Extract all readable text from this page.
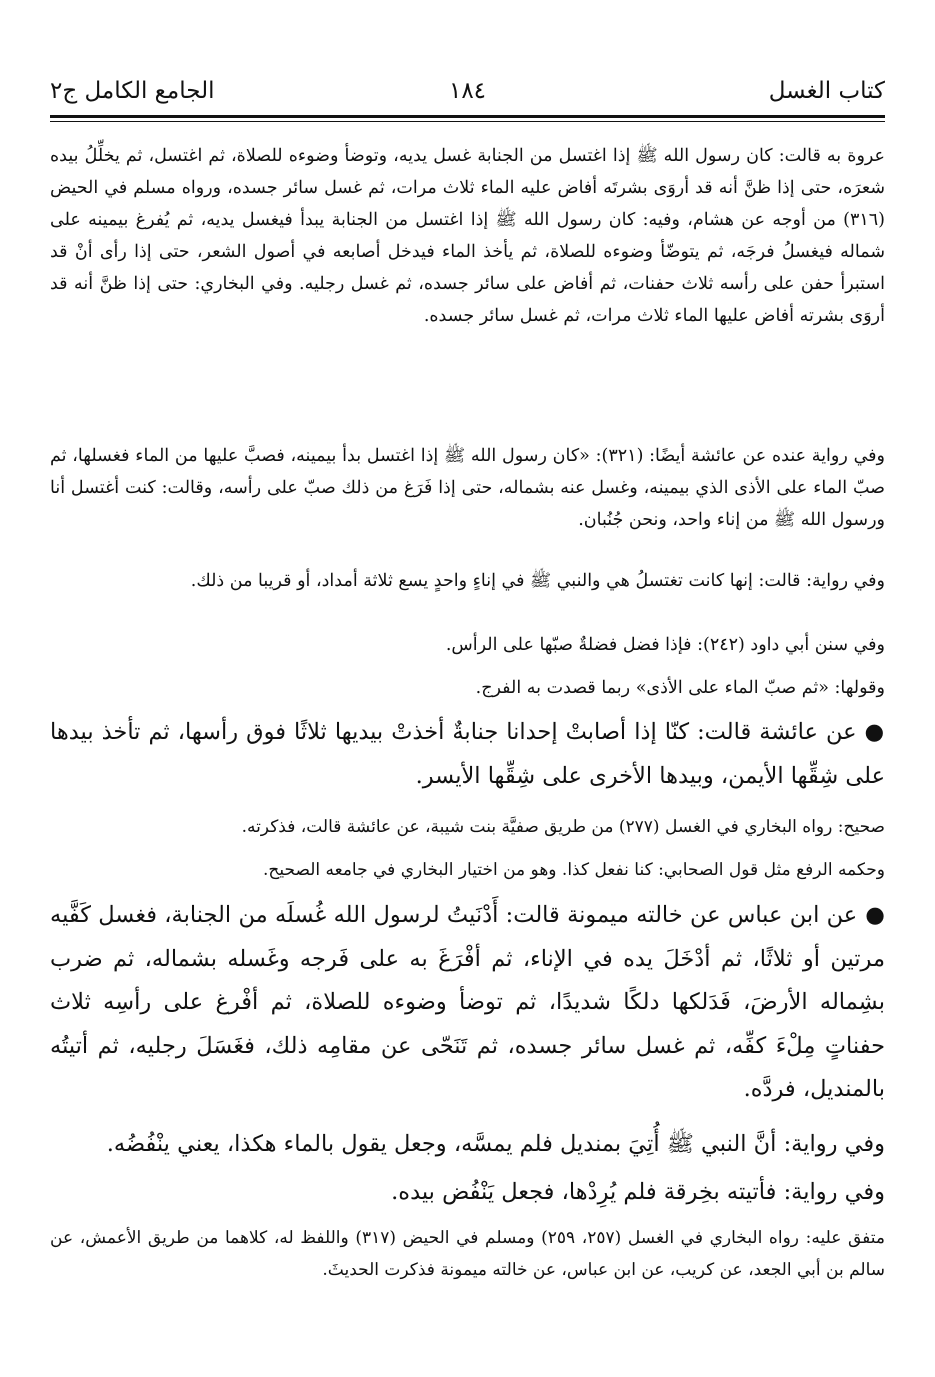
كتاب الغسل
١٨٤
الجامع الكامل ج٢
عروة به قالت: كان رسول الله ﷺ إذا اغتسل من الجنابة غسل يديه، وتوضأ وضوءه للصلاة، ثم اغتسل، ثم يخلِّلُ بيده شعرَه، حتى إذا ظنَّ أنه قد أروَى بشرتَه أفاض عليه الماء ثلاث مرات، ثم غسل سائر جسده، ورواه مسلم في الحيض (٣١٦) من أوجه عن هشام، وفيه: كان رسول الله ﷺ إذا اغتسل من الجنابة يبدأ فيغسل يديه، ثم يُفرغ بيمينه على شماله فيغسلُ فرجَه، ثم يتوضّأ وضوءه للصلاة، ثم يأخذ الماء فيدخل أصابعه في أصول الشعر، حتى إذا رأى أنْ قد استبرأ حفن على رأسه ثلاث حفنات، ثم أفاض على سائر جسده، ثم غسل رجليه. وفي البخاري: حتى إذا ظنَّ أنه قد أروَى بشرته أفاض عليها الماء ثلاث مرات، ثم غسل سائر جسده.
وفي رواية عنده عن عائشة أيضًا: (٣٢١): «كان رسول الله ﷺ إذا اغتسل بدأ بيمينه، فصبَّ عليها من الماء فغسلها، ثم صبّ الماء على الأذى الذي بيمينه، وغسل عنه بشماله، حتى إذا فَرَغ من ذلك صبّ على رأسه، وقالت: كنت أغتسل أنا ورسول الله ﷺ من إناء واحد، ونحن جُنُبان.
وفي رواية: قالت: إنها كانت تغتسلُ هي والنبي ﷺ في إناءٍ واحدٍ يسع ثلاثة أمداد، أو قريبا من ذلك.
وفي سنن أبي داود (٢٤٢): فإذا فضل فضلةٌ صبّها على الرأس.
وقولها: «ثم صبّ الماء على الأذى» ربما قصدت به الفرج.
●عن عائشة قالت: كنّا إذا أصابتْ إحدانا جنابةٌ أخذتْ بيديها ثلاثًا فوق رأسها، ثم تأخذ بيدها على شِقِّها الأيمن، وبيدها الأخرى على شِقِّها الأيسر.
صحيح: رواه البخاري في الغسل (٢٧٧) من طريق صفيَّة بنت شيبة، عن عائشة قالت، فذكرته.
وحكمه الرفع مثل قول الصحابي: كنا نفعل كذا. وهو من اختيار البخاري في جامعه الصحيح.
●عن ابن عباس عن خالته ميمونة قالت: أَدْنَيتُ لرسول الله غُسلَه من الجنابة، فغسل كَفَّيه مرتين أو ثلاثًا، ثم أدْخَلَ يده في الإناء، ثم أفْرَغَ به على فَرجه وغَسله بشماله، ثم ضرب بشِماله الأرضَ، فَدَلكها دلكًا شديدًا، ثم توضأ وضوءه للصلاة، ثم أفْرغ على رأسِه ثلاث حفناتٍ مِلْءَ كفِّه، ثم غسل سائر جسده، ثم تَنَحّى عن مقامِه ذلك، فغَسَلَ رجليه، ثم أتيتُه بالمنديل، فردَّه.
وفي رواية: أنَّ النبي ﷺ أُتِيَ بمنديل فلم يمسَّه، وجعل يقول بالماء هكذا، يعني ينْفُضُه.
وفي رواية: فأتيته بخِرقة فلم يُرِدْها، فجعل يَنْفُض بيده.
متفق عليه: رواه البخاري في الغسل (٢٥٧، ٢٥٩) ومسلم في الحيض (٣١٧) واللفظ له، كلاهما من طريق الأعمش، عن سالم بن أبي الجعد، عن كريب، عن ابن عباس، عن خالته ميمونة فذكرت الحديثَ.
